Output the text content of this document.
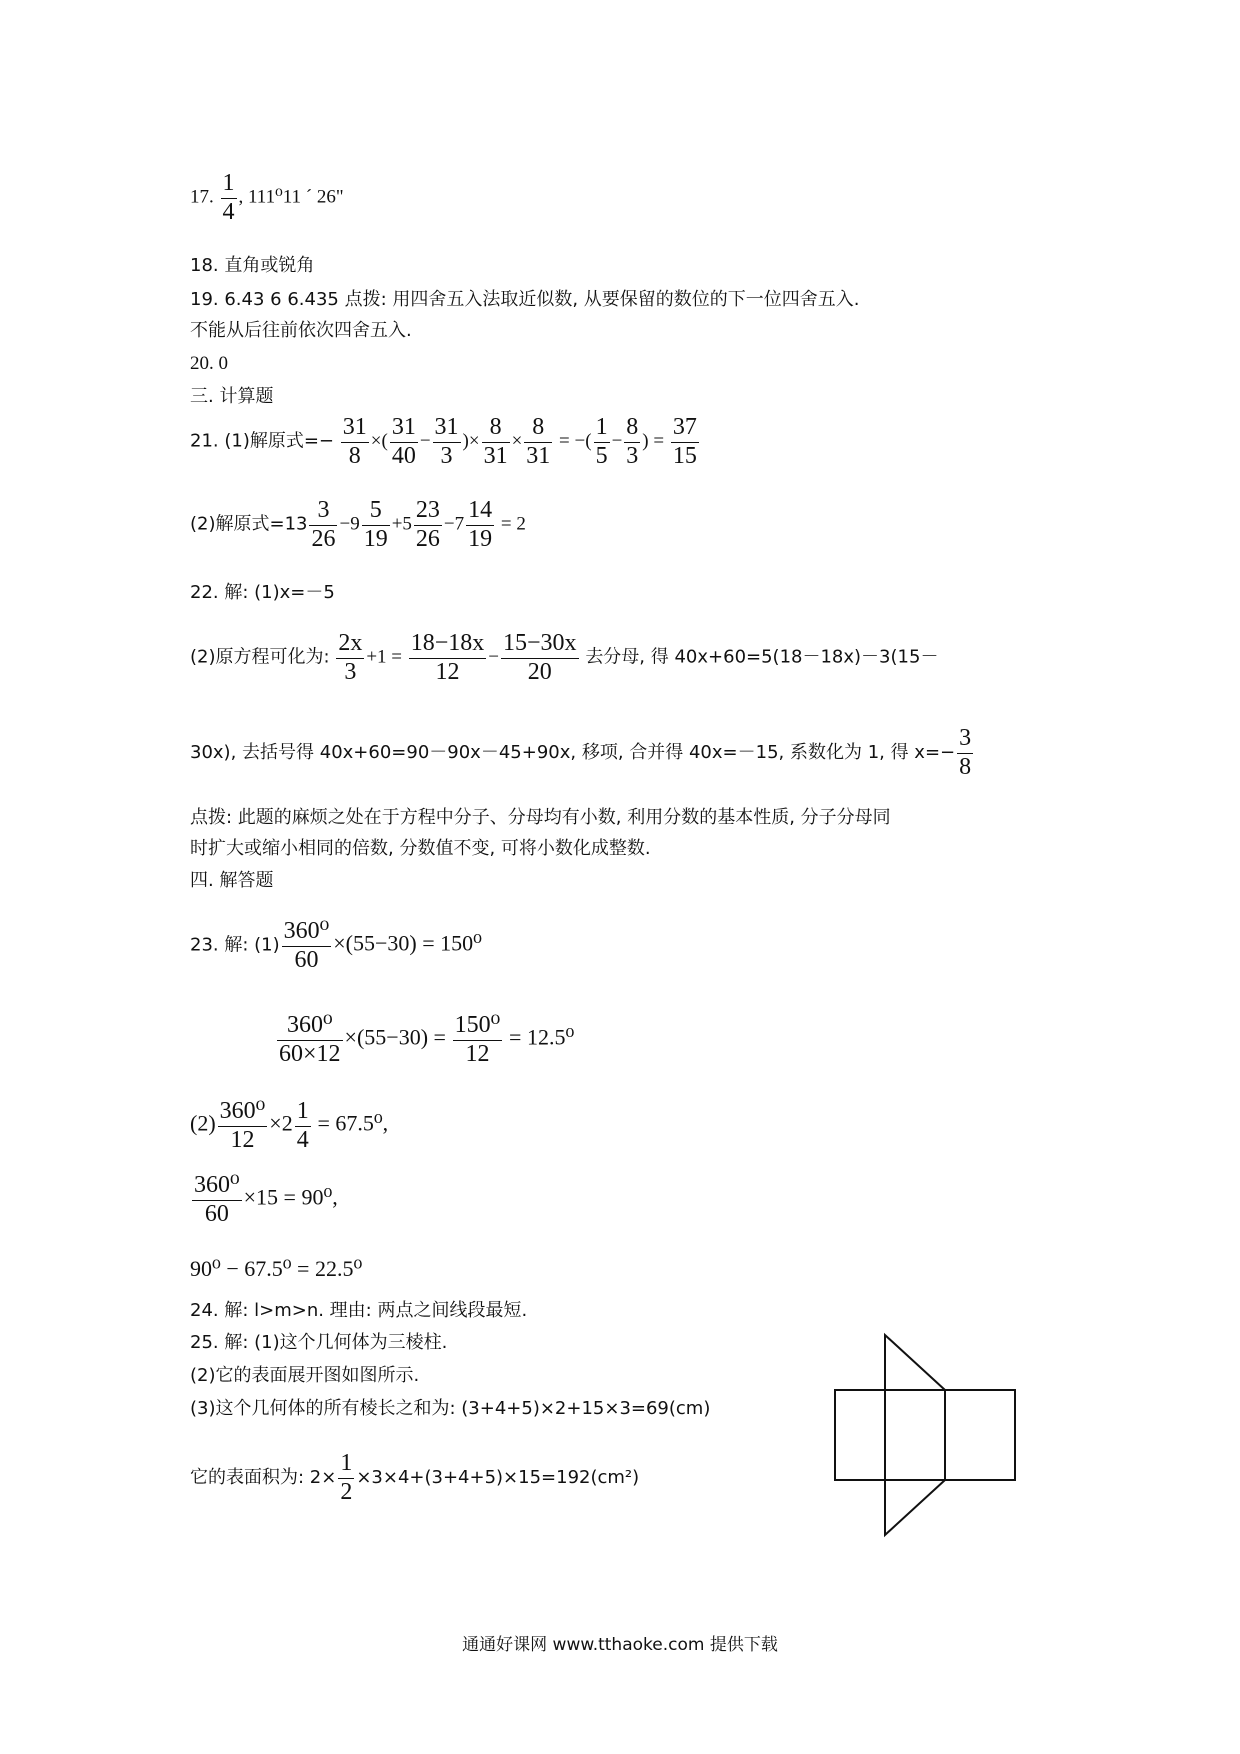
17. $\frac{1}{4}$ , 111⁰11 ´ 26"
18. 直角或锐角
19. 6.43 6 6.435 点拨: 用四舍五入法取近似数, 从要保留的数位的下一位四舍五入.
不能从后往前依次四舍五入.
20. 0
三. 计算题
21. (1)解原式=− $\frac{31}{8}$ ×( $\frac{31}{40} - \frac{31}{3}$ )× $\frac{8}{31} \times \frac{8}{31}$ = −( $\frac{1}{5} - \frac{8}{3}$ ) = $\frac{37}{15}$
(2)解原式$=13 \frac{3}{26} -9 \frac{5}{19} +5 \frac{23}{26} -7 \frac{14}{19} = 2$
22. 解: (1)x=－5
(2)原方程可化为: $\frac{2x}{3} +1 = \frac{18-18x}{12} - \frac{15-30x}{20}$ 去分母, 得 40x+60=5(18－18x)－3(15－
30x), 去括号得 40x+60=90－90x－45+90x, 移项, 合并得 40x=－15, 系数化为 1, 得 $x=- \frac{3}{8}$
点拨: 此题的麻烦之处在于方程中分子、分母均有小数, 利用分数的基本性质, 分子分母同
时扩大或缩小相同的倍数, 分数值不变, 可将小数化成整数.
四. 解答题
23. 解: $(1) \frac{\text{360⁰}}{60} \times(55-30) = 150^0$
$\frac{\text{360⁰}}{60\times 12} \times(55-30) = \frac{\text{150⁰}}{12} = 12.5^0$
$(2) \frac{\text{360⁰}}{12} \times 2 \frac{1}{4} = 67.5^0$,
$\frac{\text{360⁰}}{60} \times 15 = 90^0$,
90⁰ − 67.5⁰ = 22.5⁰
24. 解: l>m>n. 理由: 两点之间线段最短.
25. 解: (1)这个几何体为三棱柱.
(2)它的表面展开图如图所示.
(3)这个几何体的所有棱长之和为: (3+4+5)×2+15×3=69(cm)
它的表面积为: $2\times \frac{1}{2} \times 3\times 4+(3+4+5)\times 15=192(cm^2)$
通通好课网 www.tthaoke.com 提供下载
